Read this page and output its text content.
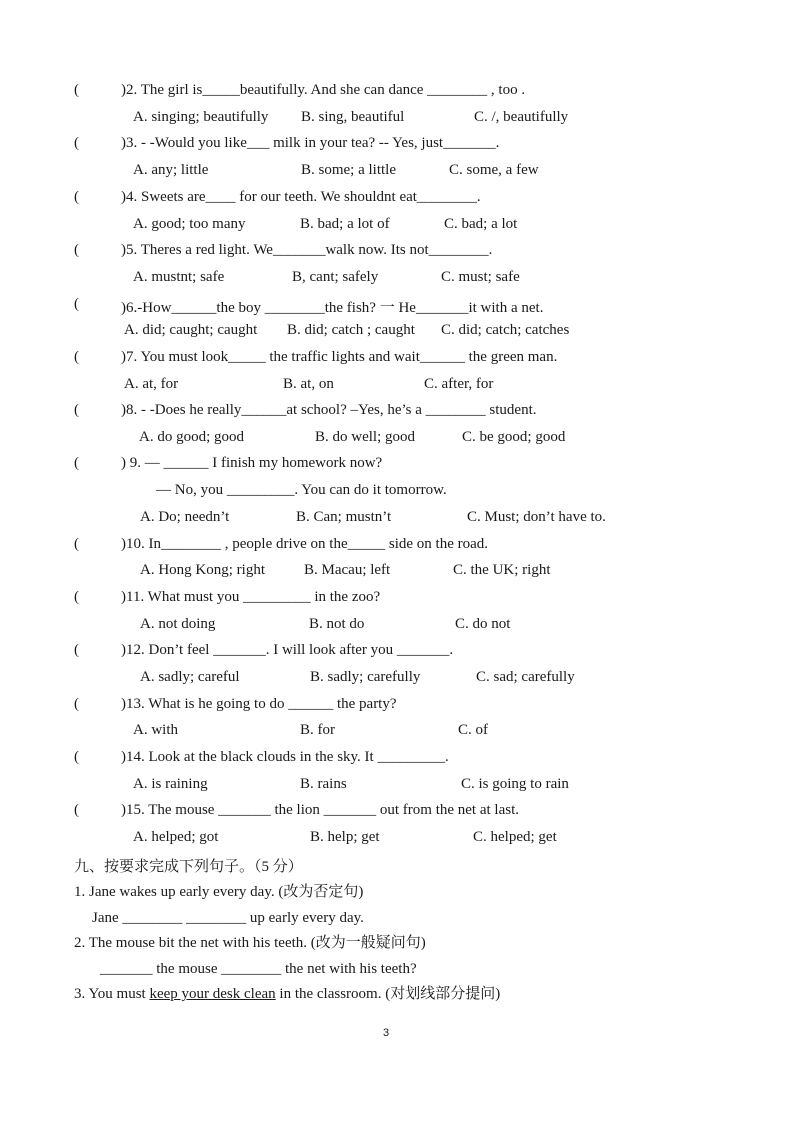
(	)2. The girl is_____beautifully. And she can dance ________ , too .
A. singing; beautifully B. sing, beautiful	C. /, beautifully
(	)3. - -Would you like___ milk in your tea? -- Yes, just_______.
A. any; little	B. some; a little	C. some, a few
(	)4. Sweets are____ for our teeth. We shouldnt eat________.
A. good; too many	B. bad; a lot of	C. bad; a lot
(	)5. Theres a red light. We_______walk now. Its not________.
A. mustnt; safe	B, cant; safely	C. must; safe
(	)6.-How______the boy ________the fish? 一 He_______it with a net.
A. did; caught; caught B. did; catch ; caught C. did; catch; catches
(	)7. You must look_____ the traffic lights and wait______ the green man.
A. at, for	B. at, on	C. after, for
(	)8. - -Does he really______at school? –Yes, he’s a ________ student.
A. do good; good	B. do well; good	C. be good; good
(	) 9. — ______ I finish my homework now?
— No, you _________. You can do it tomorrow.
A. Do; needn’t	B. Can; mustn’t	C. Must; don’t have to.
(	)10. In________ , people drive on the_____ side on the road.
A. Hong Kong; right	B. Macau; left	C. the UK; right
(	)11. What must you _________ in the zoo?
A. not doing	B. not do	C. do not
(	)12. Don’t feel _______. I will look after you _______.
A. sadly; careful	B. sadly; carefully	C. sad; carefully
(	)13. What is he going to do ______ the party?
A. with	B. for	C. of
(	)14. Look at the black clouds in the sky. It _________.
A. is raining	B. rains	C. is going to rain
(	)15. The mouse _______ the lion _______ out from the net at last.
A. helped; got	B. help; get	C. helped; get
九、按要求完成下列句子。（5 分）
1. Jane wakes up early every day. (改为否定句)
Jane ________ ________ up early every day.
2. The mouse bit the net with his teeth. (改为一般疑问句)
_______ the mouse ________ the net with his teeth?
3. You must keep your desk clean in the classroom. (对划线部分提问)
3
